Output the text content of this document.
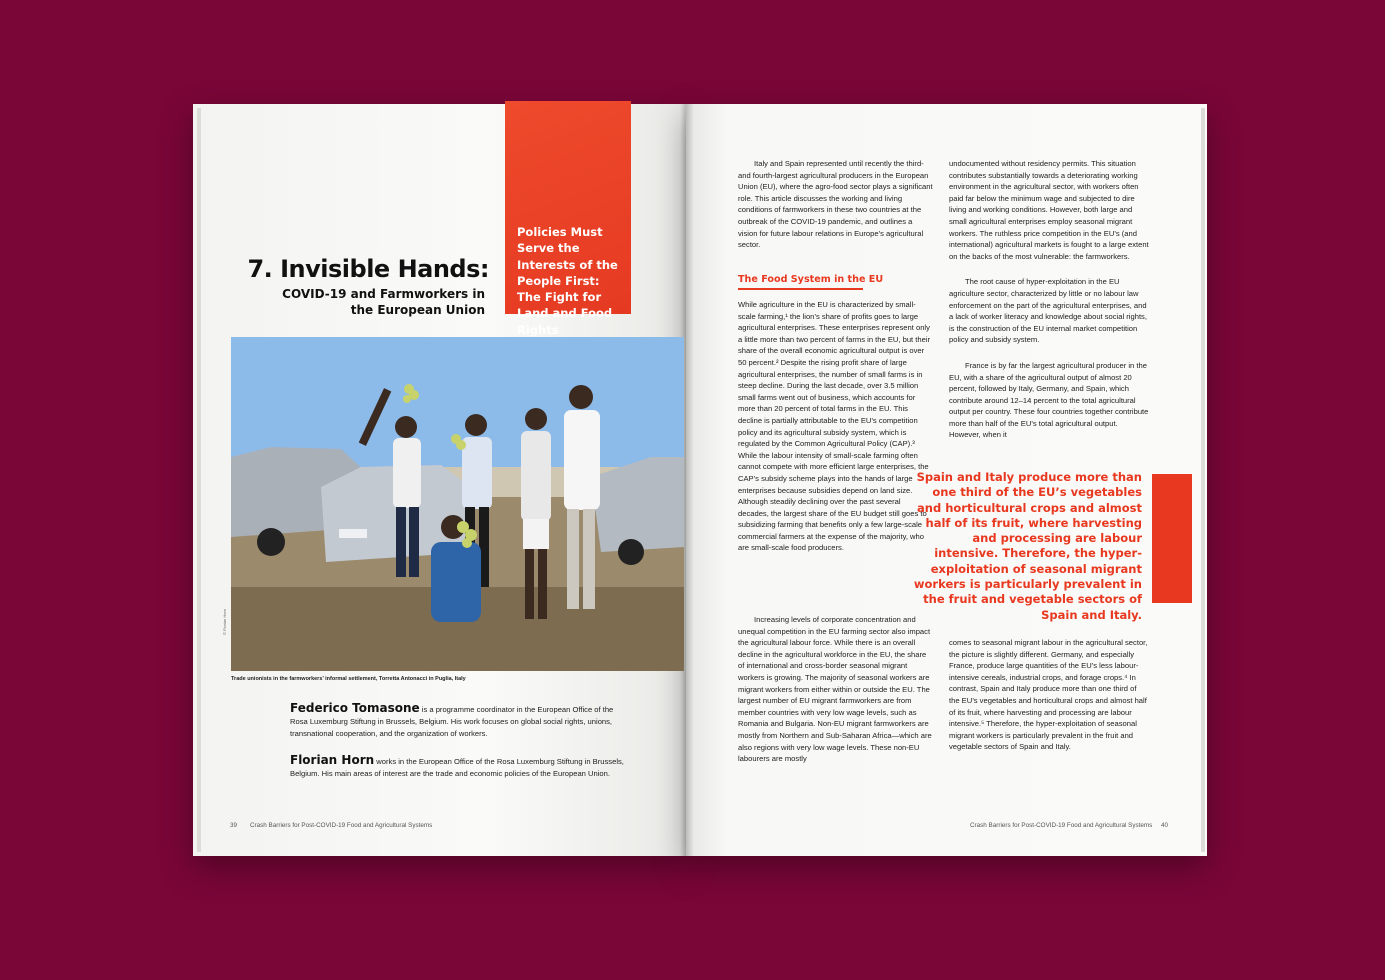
Policies Must Serve the Interests of the People First: The Fight for Land and Food Rights
7. Invisible Hands:
COVID-19 and Farmworkers in the European Union
© Florian Horn
Trade unionists in the farmworkers’ informal settlement, Torretta Antonacci in Puglia, Italy
Federico Tomasone is a programme coordinator in the European Office of the Rosa Luxemburg Stiftung in Brussels, Belgium. His work focuses on global social rights, unions, transnational cooperation, and the organization of workers.
Florian Horn works in the European Office of the Rosa Luxemburg Stiftung in Brussels, Belgium. His main areas of interest are the trade and economic policies of the European Union.
39 Crash Barriers for Post-COVID-19 Food and Agricultural Systems

Italy and Spain represented until recently the third- and fourth-largest agricultural producers in the European Union (EU), where the agro-food sector plays a significant role. This article discusses the working and living conditions of farmworkers in these two countries at the outbreak of the COVID-19 pandemic, and outlines a vision for future labour relations in Europe’s agricultural sector.

The Food System in the EU

While agriculture in the EU is characterized by small-scale farming,¹ the lion’s share of profits goes to large agricultural enterprises. These enterprises represent only a little more than two percent of farms in the EU, but their share of the overall economic agricultural output is over 50 percent.² Despite the rising profit share of large agricultural enterprises, the number of small farms is in steep decline. During the last decade, over 3.5 million small farms went out of business, which accounts for more than 20 percent of total farms in the EU. This decline is partially attributable to the EU’s competition policy and its agricultural subsidy system, which is regulated by the Common Agricultural Policy (CAP).³ While the labour intensity of small-scale farming often cannot compete with more efficient large enterprises, the CAP’s subsidy scheme plays into the hands of large enterprises because subsidies depend on land size. Although steadily declining over the past several decades, the largest share of the EU budget still goes to subsidizing farming that benefits only a few large-scale commercial farmers at the expense of the majority, who are small-scale food producers.

Increasing levels of corporate concentration and unequal competition in the EU farming sector also impact the agricultural labour force. While there is an overall decline in the agricultural workforce in the EU, the share of international and cross-border seasonal migrant workers is growing. The majority of seasonal workers are migrant workers from either within or outside the EU. The largest number of EU migrant farmworkers are from member countries with very low wage levels, such as Romania and Bulgaria. Non-EU migrant farmworkers are mostly from Northern and Sub-Saharan Africa—which are also regions with very low wage levels. These non-EU labourers are mostly

undocumented without residency permits. This situation contributes substantially towards a deteriorating working environment in the agricultural sector, with workers often paid far below the minimum wage and subjected to dire living and working conditions. However, both large and small agricultural enterprises employ seasonal migrant workers. The ruthless price competition in the EU’s (and international) agricultural markets is fought to a large extent on the backs of the most vulnerable: the farmworkers.

The root cause of hyper-exploitation in the EU agriculture sector, characterized by little or no labour law enforcement on the part of the agricultural enterprises, and a lack of worker literacy and knowledge about social rights, is the construction of the EU internal market competition policy and subsidy system.

France is by far the largest agricultural producer in the EU, with a share of the agricultural output of almost 20 percent, followed by Italy, Germany, and Spain, which contribute around 12–14 percent to the total agricultural output per country. These four countries together contribute more than half of the EU’s total agricultural output. However, when it

Spain and Italy produce more than one third of the EU’s vegetables and horticultural crops and almost half of its fruit, where harvesting and processing are labour intensive. Therefore, the hyper-exploitation of seasonal migrant workers is particularly prevalent in the fruit and vegetable sectors of Spain and Italy.

comes to seasonal migrant labour in the agricultural sector, the picture is slightly different. Germany, and especially France, produce large quantities of the EU’s less labour-intensive cereals, industrial crops, and forage crops.⁴ In contrast, Spain and Italy produce more than one third of the EU’s vegetables and horticultural crops and almost half of its fruit, where harvesting and processing are labour intensive.⁵ Therefore, the hyper-exploitation of seasonal migrant workers is particularly prevalent in the fruit and vegetable sectors of Spain and Italy.

Crash Barriers for Post-COVID-19 Food and Agricultural Systems 40
